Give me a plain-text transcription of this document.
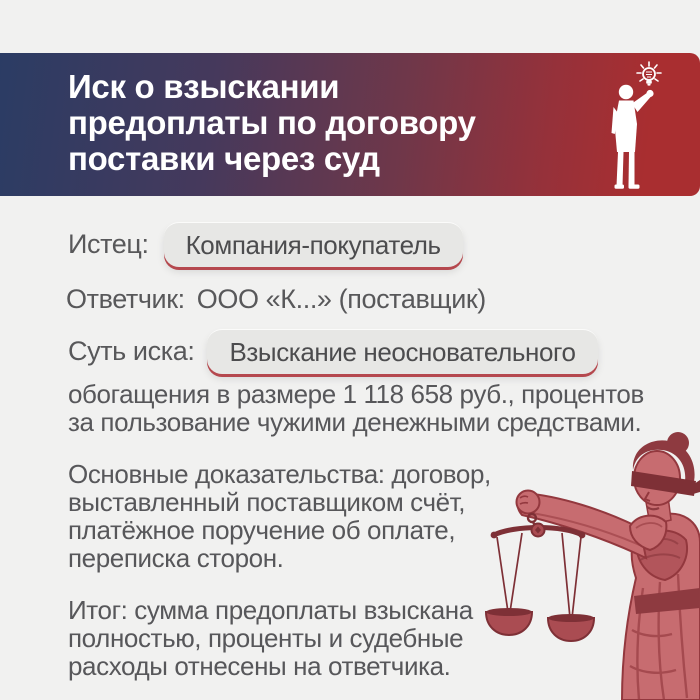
Иск о взыскании
предоплаты по договору
поставки через суд
Истец:	Компания-покупатель
Ответчик: ООО «К...» (поставщик)
Суть иска:	Взыскание неосновательного
обогащения в размере 1 118 658 руб., процентов
за пользование чужими денежными средствами.
Основные доказательства: договор,
выставленный поставщиком счёт,
платёжное поручение об оплате,
переписка сторон.
Итог: сумма предоплаты взыскана
полностью, проценты и судебные
расходы отнесены на ответчика.
